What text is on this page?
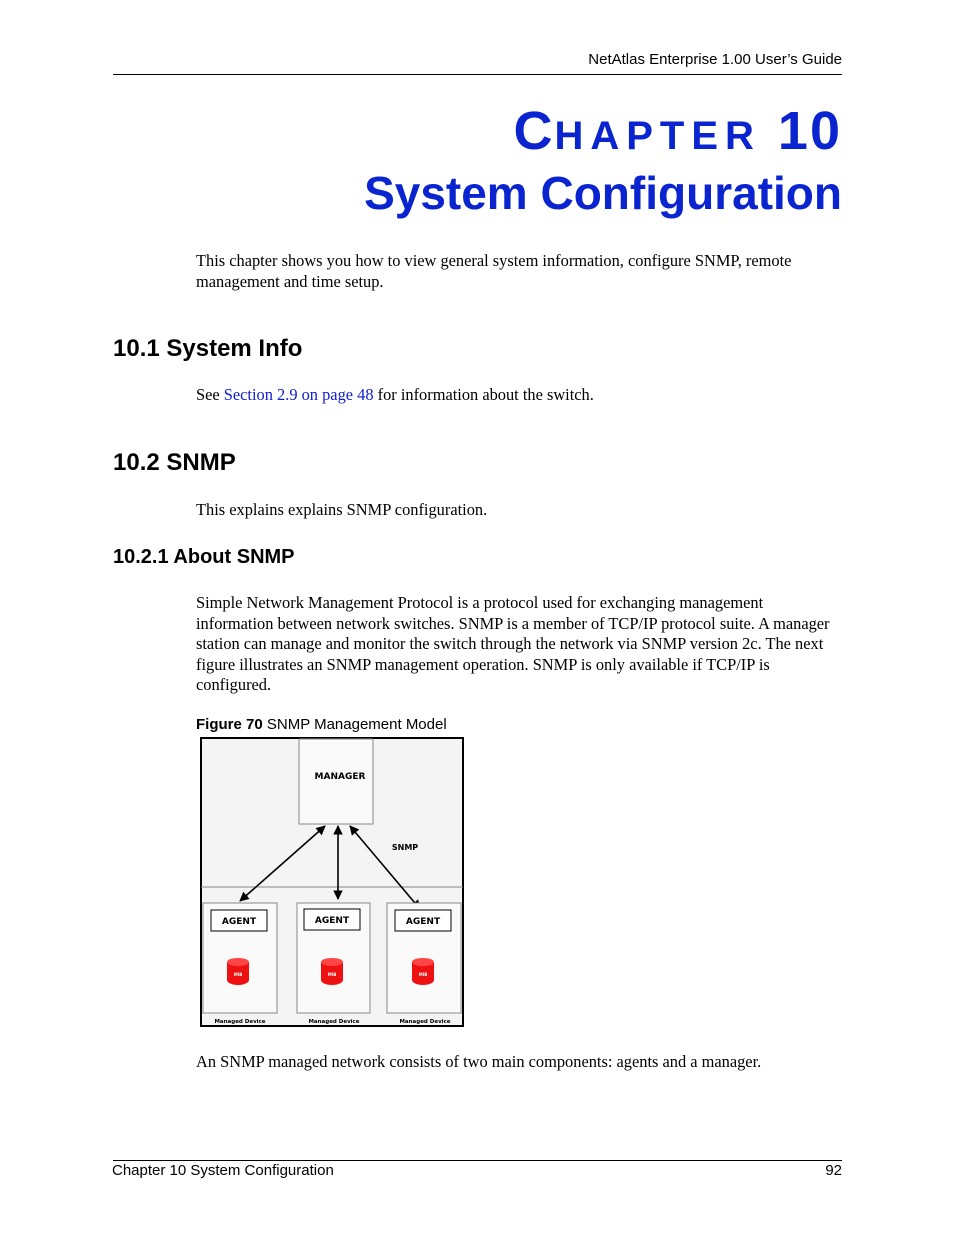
NetAtlas Enterprise 1.00 User’s Guide
CHAPTER 10
System Configuration
This chapter shows you how to view general system information, configure SNMP, remote management and time setup.
10.1 System Info
See Section 2.9 on page 48 for information about the switch.
10.2 SNMP
This explains explains SNMP configuration.
10.2.1 About SNMP
Simple Network Management Protocol is a protocol used for exchanging management information between network switches. SNMP is a member of TCP/IP protocol suite. A manager station can manage and monitor the switch through the network via SNMP version 2c. The next figure illustrates an SNMP management operation. SNMP is only available if TCP/IP is configured.
Figure 70 SNMP Management Model
MANAGER
SNMP
AGENT
MIB
Managed Device
AGENT
MIB
Managed Device
AGENT
MIB
Managed Device
An SNMP managed network consists of two main components: agents and a manager.
Chapter 10 System Configuration	92
